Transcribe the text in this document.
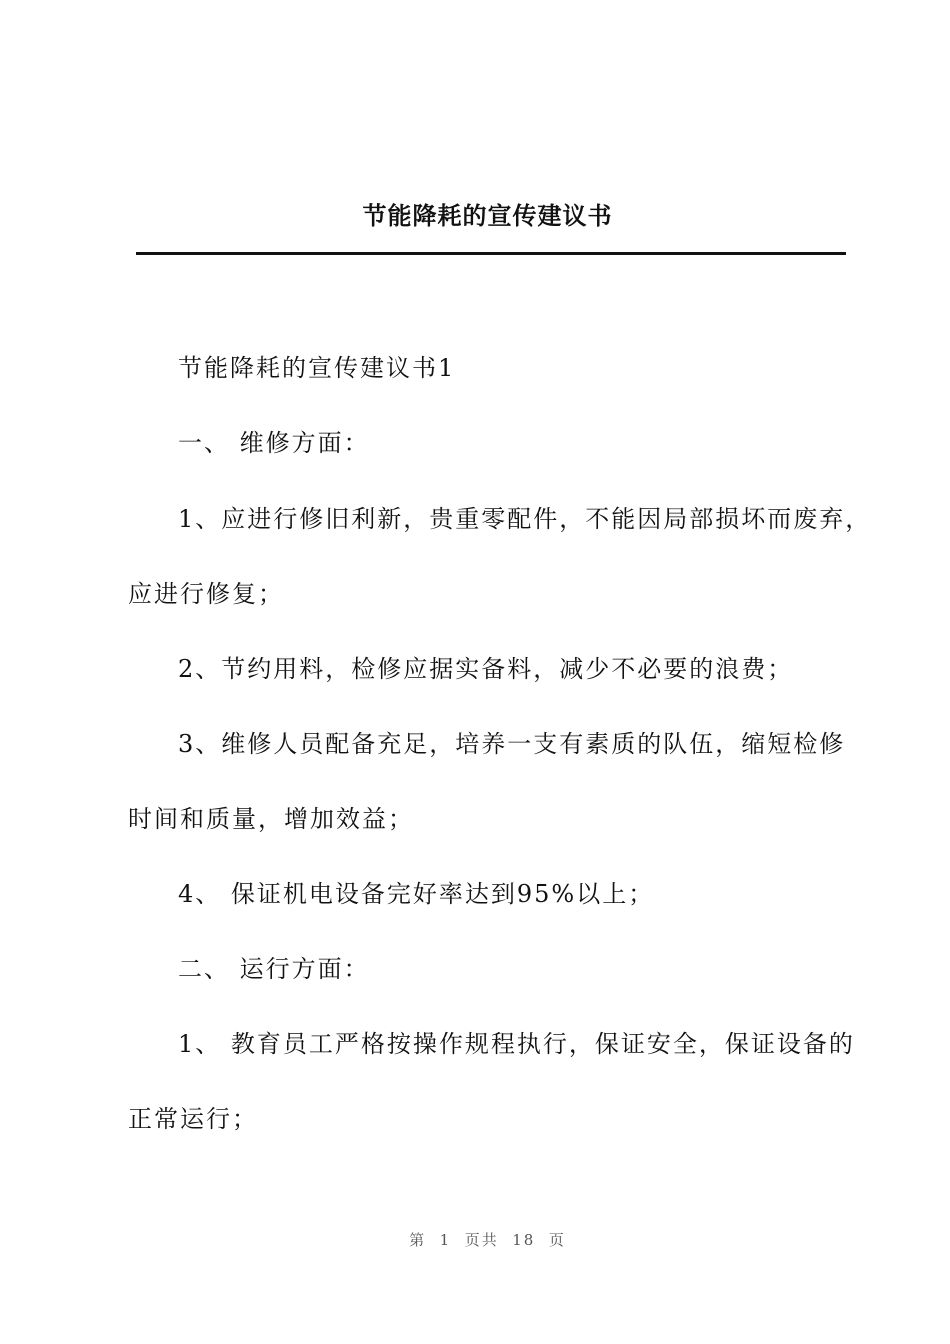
节能降耗的宣传建议书
节能降耗的宣传建议书1
一、 维修方面：
1、应进行修旧利新，贵重零配件，不能因局部损坏而废弃，
应进行修复；
2、节约用料，检修应据实备料，减少不必要的浪费；
3、维修人员配备充足，培养一支有素质的队伍，缩短检修
时间和质量，增加效益；
4、 保证机电设备完好率达到95%以上；
二、 运行方面：
1、 教育员工严格按操作规程执行，保证安全，保证设备的
正常运行；
第  1  页共  18  页
